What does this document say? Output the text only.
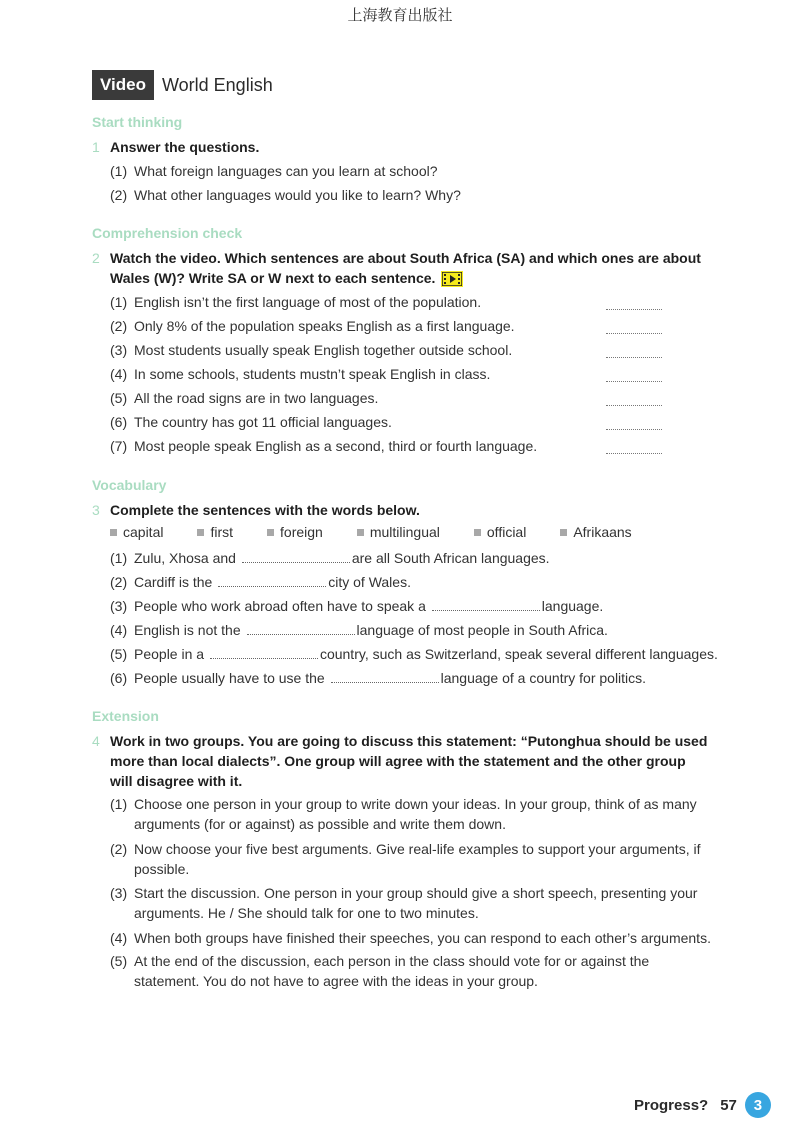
上海教育出版社
Video World English
Start thinking
1 Answer the questions.
(1) What foreign languages can you learn at school?
(2) What other languages would you like to learn? Why?
Comprehension check
2 Watch the video. Which sentences are about South Africa (SA) and which ones are about
Wales (W)? Write SA or W next to each sentence.
(1) English isn’t the first language of most of the population.
(2) Only 8% of the population speaks English as a first language.
(3) Most students usually speak English together outside school.
(4) In some schools, students mustn’t speak English in class.
(5) All the road signs are in two languages.
(6) The country has got 11 official languages.
(7) Most people speak English as a second, third or fourth language.
Vocabulary
3 Complete the sentences with the words below.
capital	first	foreign	multilingual	official	Afrikaans
(1) Zulu, Xhosa and	are all South African languages.
(2) Cardiff is the	city of Wales.
(3) People who work abroad often have to speak a	language.
(4) English is not the	language of most people in South Africa.
(5) People in a	country, such as Switzerland, speak several different languages.
(6) People usually have to use the	language of a country for politics.
Extension
4 Work in two groups. You are going to discuss this statement: “Putonghua should be used
more than local dialects”. One group will agree with the statement and the other group
will disagree with it.
(1) Choose one person in your group to write down your ideas. In your group, think of as many
arguments (for or against) as possible and write them down.
(2) Now choose your five best arguments. Give real-life examples to support your arguments, if
possible.
(3) Start the discussion. One person in your group should give a short speech, presenting your
arguments. He / She should talk for one to two minutes.
(4) When both groups have finished their speeches, you can respond to each other’s arguments.
(5) At the end of the discussion, each person in the class should vote for or against the
statement. You do not have to agree with the ideas in your group.
Progress? 57	3
